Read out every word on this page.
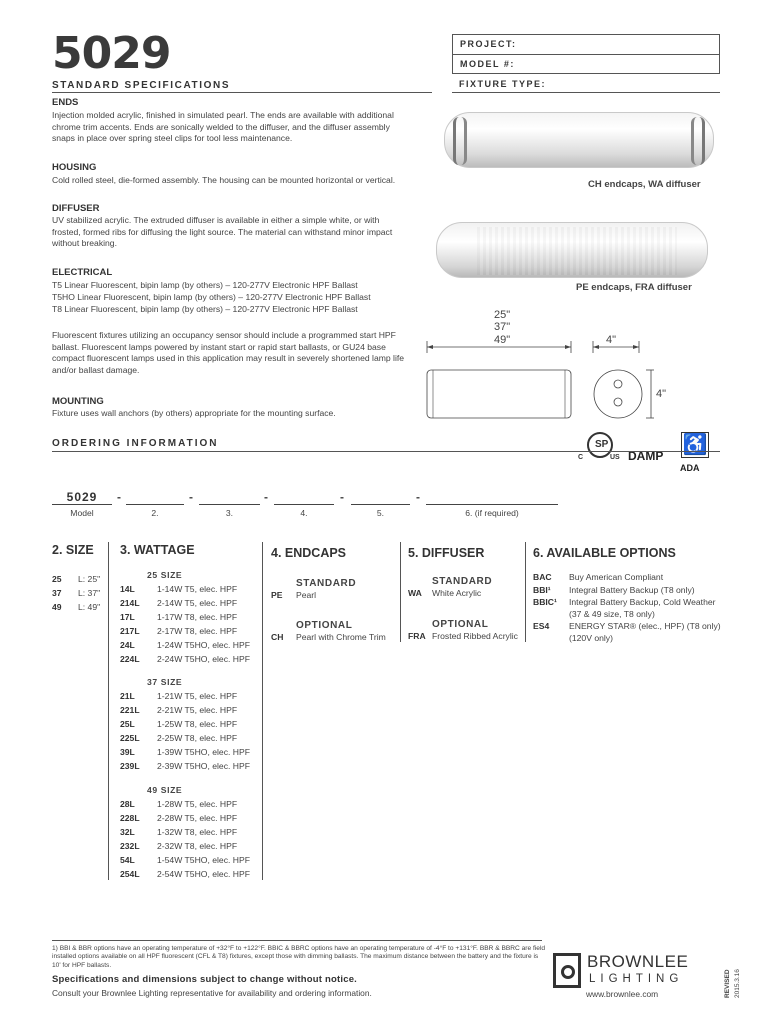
5029
STANDARD SPECIFICATIONS
PROJECT:
MODEL #:
FIXTURE TYPE:
ENDS
Injection molded acrylic, finished in simulated pearl. The ends are available with additional chrome trim accents. Ends are sonically welded to the diffuser, and the diffuser assembly snaps in place over spring steel clips for tool less maintenance.
HOUSING
Cold rolled steel, die-formed assembly. The housing can be mounted horizontal or vertical.
DIFFUSER
UV stabilized acrylic. The extruded diffuser is available in either a simple white, or with frosted, formed ribs for diffusing the light source. The material can withstand minor impact without breaking.
ELECTRICAL
T5 Linear Fluorescent, bipin lamp (by others) – 120-277V Electronic HPF Ballast
T5HO Linear Fluorescent, bipin lamp (by others) – 120-277V Electronic HPF Ballast
T8 Linear Fluorescent, bipin lamp (by others) – 120-277V Electronic HPF Ballast
Fluorescent fixtures utilizing an occupancy sensor should include a programmed start HPF ballast. Fluorescent lamps powered by instant start or rapid start ballasts, or GU24 base compact fluorescent lamps used in this application may result in severely shortened lamp life and/or ballast damage.
MOUNTING
Fixture uses wall anchors (by others) appropriate for the mounting surface.
CH endcaps, WA diffuser
PE endcaps, FRA diffuser
25"
37"
49"	4"
4"
SP
C	US DAMP ♿
ADA
ORDERING INFORMATION
5029	-	-	-	-	-
Model	2.	3.	4.	5.	6. (if required)
2. SIZE
25 L: 25"
37 L: 37"
49 L: 49"
3. WATTAGE
25 SIZE
14L	1-14W T5, elec. HPF
214L 2-14W T5, elec. HPF
17L	1-17W T8, elec. HPF
217L 2-17W T8, elec. HPF
24L	1-24W T5HO, elec. HPF
224L 2-24W T5HO, elec. HPF
37 SIZE
21L	1-21W T5, elec. HPF
221L 2-21W T5, elec. HPF
25L	1-25W T8, elec. HPF
225L 2-25W T8, elec. HPF
39L	1-39W T5HO, elec. HPF
239L 2-39W T5HO, elec. HPF
49 SIZE
28L	1-28W T5, elec. HPF
228L 2-28W T5, elec. HPF
32L	1-32W T8, elec. HPF
232L 2-32W T8, elec. HPF
54L	1-54W T5HO, elec. HPF
254L 2-54W T5HO, elec. HPF
4. ENDCAPS
STANDARD
PE Pearl
OPTIONAL
CH Pearl with Chrome Trim
5. DIFFUSER
STANDARD
WA White Acrylic
OPTIONAL
FRA Frosted Ribbed Acrylic
6. AVAILABLE OPTIONS
BAC Buy American Compliant
BBI¹ Integral Battery Backup (T8 only)
BBIC¹ Integral Battery Backup, Cold Weather
(37 & 49 size, T8 only)
ES4 ENERGY STAR® (elec., HPF) (T8 only)
(120V only)
1) BBI & BBR options have an operating temperature of +32°F to +122°F. BBIC & BBRC options have an operating temperature of -4°F to +131°F. BBR & BBRC are field installed options available on all HPF fluorescent (CFL & T8) fixtures, except those with dimming ballasts. The maximum distance between the battery and the fixture is 10' for HPF ballasts.
Specifications and dimensions subject to change without notice.
Consult your Brownlee Lighting representative for availability and ordering information.
BROWNLEE
LIGHTING
www.brownlee.com	REVISED 2015.3.16
